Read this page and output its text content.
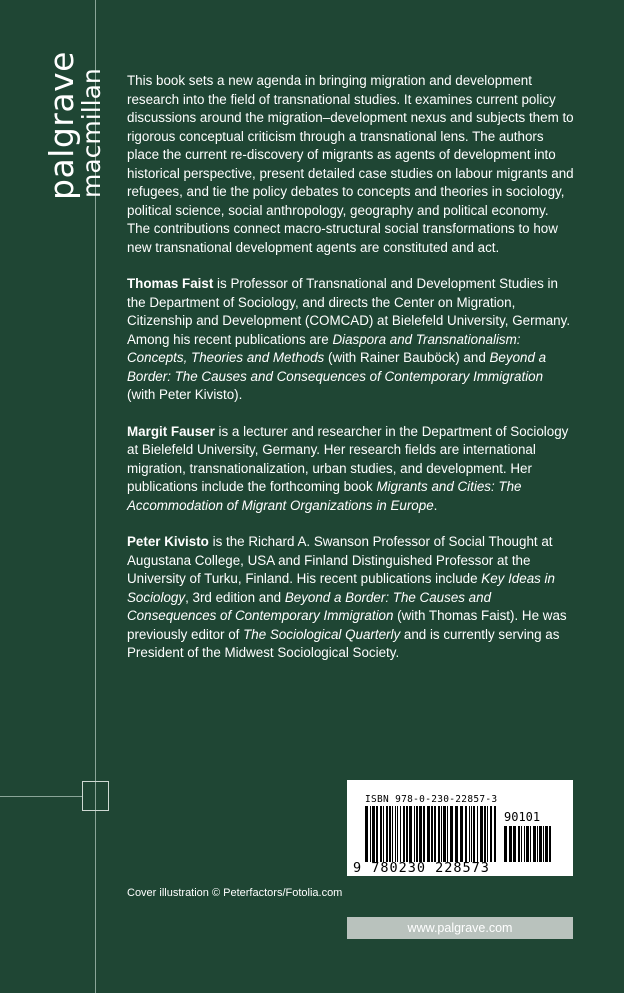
palgrave
macmillan This book sets a new agenda in bringing migration and development research into the field of transnational studies. It examines current policy discussions around the migration–development nexus and subjects them to rigorous conceptual criticism through a transnational lens. The authors place the current re-discovery of migrants as agents of development into historical perspective, present detailed case studies on labour migrants and refugees, and tie the policy debates to concepts and theories in sociology, political science, social anthropology, geography and political economy. The contributions connect macro-structural social transformations to how new transnational development agents are constituted and act.

Thomas Faist is Professor of Transnational and Development Studies in the Department of Sociology, and directs the Center on Migration, Citizenship and Development (COMCAD) at Bielefeld University, Germany. Among his recent publications are Diaspora and Transnationalism: Concepts, Theories and Methods (with Rainer Bauböck) and Beyond a Border: The Causes and Consequences of Contemporary Immigration (with Peter Kivisto).

Margit Fauser is a lecturer and researcher in the Department of Sociology at Bielefeld University, Germany. Her research fields are international migration, transnationalization, urban studies, and development. Her publications include the forthcoming book Migrants and Cities: The Accommodation of Migrant Organizations in Europe.

Peter Kivisto is the Richard A. Swanson Professor of Social Thought at Augustana College, USA and Finland Distinguished Professor at the University of Turku, Finland. His recent publications include Key Ideas in Sociology, 3rd edition and Beyond a Border: The Causes and Consequences of Contemporary Immigration (with Thomas Faist). He was previously editor of The Sociological Quarterly and is currently serving as President of the Midwest Sociological Society.

ISBN 978-0-230-22857-3
90101
9 780230 228573
Cover illustration © Peterfactors/Fotolia.com
www.palgrave.com
